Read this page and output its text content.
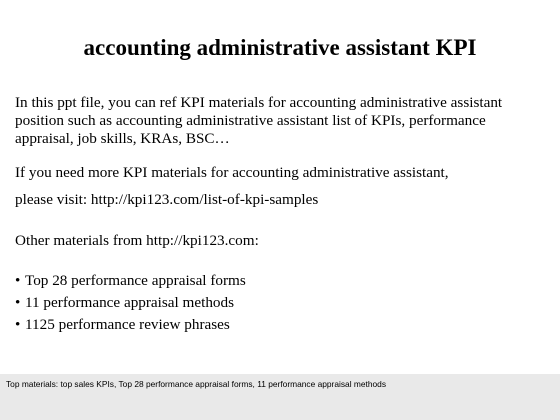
accounting administrative assistant KPI
In this ppt file, you can ref KPI materials for accounting administrative assistant
position such as accounting administrative assistant list of KPIs, performance
appraisal, job skills, KRAs, BSC…
If you need more KPI materials for accounting administrative assistant,
please visit: http://kpi123.com/list-of-kpi-samples
Other materials from http://kpi123.com:
• Top 28 performance appraisal forms
• 11 performance appraisal methods
• 1125 performance review phrases
Top materials: top sales KPIs, Top 28 performance appraisal forms, 11 performance appraisal methods
